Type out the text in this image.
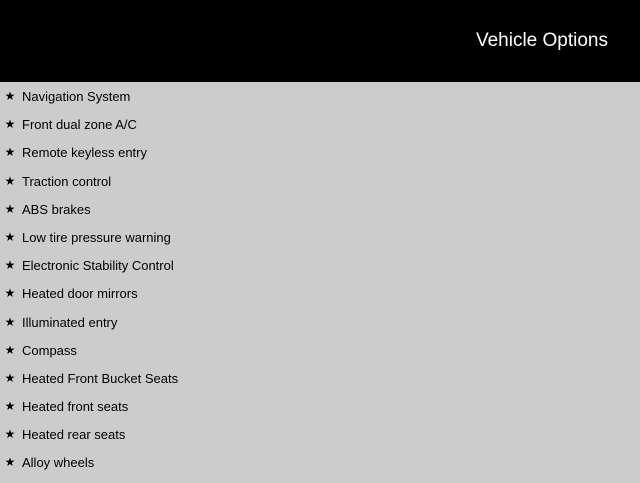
Vehicle Options
★ Navigation System
★ Front dual zone A/C
★ Remote keyless entry
★ Traction control
★ ABS brakes
★ Low tire pressure warning
★ Electronic Stability Control
★ Heated door mirrors
★ Illuminated entry
★ Compass
★ Heated Front Bucket Seats
★ Heated front seats
★ Heated rear seats
★ Alloy wheels
